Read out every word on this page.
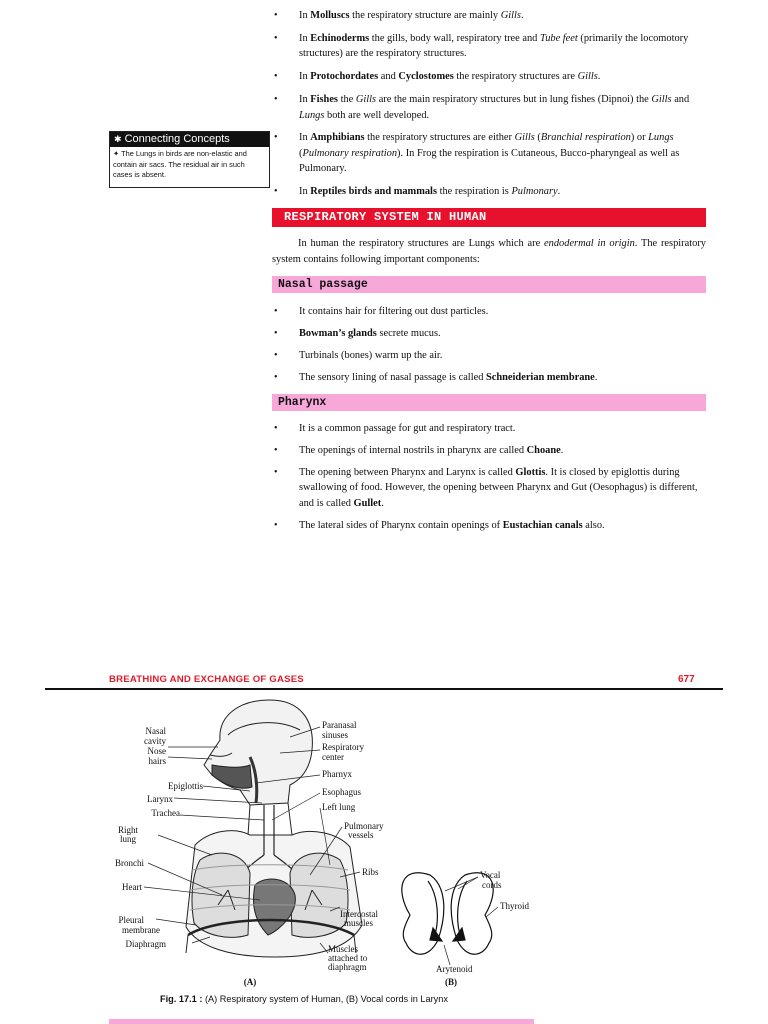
• In Molluscs the respiratory structure are mainly Gills.
• In Echinoderms the gills, body wall, respiratory tree and Tube feet (primarily the locomotory structures) are the respiratory structures.
• In Protochordates and Cyclostomes the respiratory structures are Gills.
• In Fishes the Gills are the main respiratory structures but in lung fishes (Dipnoi) the Gills and Lungs both are well developed.
• In Amphibians the respiratory structures are either Gills (Branchial respiration) or Lungs (Pulmonary respiration). In Frog the respiration is Cutaneous, Bucco-pharyngeal as well as Pulmonary.
• In Reptiles birds and mammals the respiration is Pulmonary.
✱ Connecting Concepts
✦ The Lungs in birds are non-elastic and contain air sacs. The residual air in such cases is absent.
RESPIRATORY SYSTEM IN HUMAN
In human the respiratory structures are Lungs which are endodermal in origin. The respiratory system contains following important components:
Nasal passage
• It contains hair for filtering out dust particles.
• Bowman’s glands secrete mucus.
• Turbinals (bones) warm up the air.
• The sensory lining of nasal passage is called Schneiderian membrane.
Pharynx
• It is a common passage for gut and respiratory tract.
• The openings of internal nostrils in pharynx are called Choane.
• The opening between Pharynx and Larynx is called Glottis. It is closed by epiglottis during swallowing of food. However, the opening between Pharynx and Gut (Oesophagus) is different, and is called Gullet.
• The lateral sides of Pharynx contain openings of Eustachian canals also.
BREATHING AND EXCHANGE OF GASES	677
Nasal
cavity
Nose
hairs
Epiglottis
Larynx
Trachea
Right
lung
Bronchi
Heart
Pleural
membrane
Diaphragm
Paranasal
sinuses
Respiratory
center
Pharnyx
Esophagus
Left lung
Pulmonary
vessels
Ribs
Intercostal
muscles
Muscles
attached to
diaphragm
(A)
Vocal
cords
Thyroid
Arytenoid
(B)
Fig. 17.1 : (A) Respiratory system of Human, (B) Vocal cords in Larynx
